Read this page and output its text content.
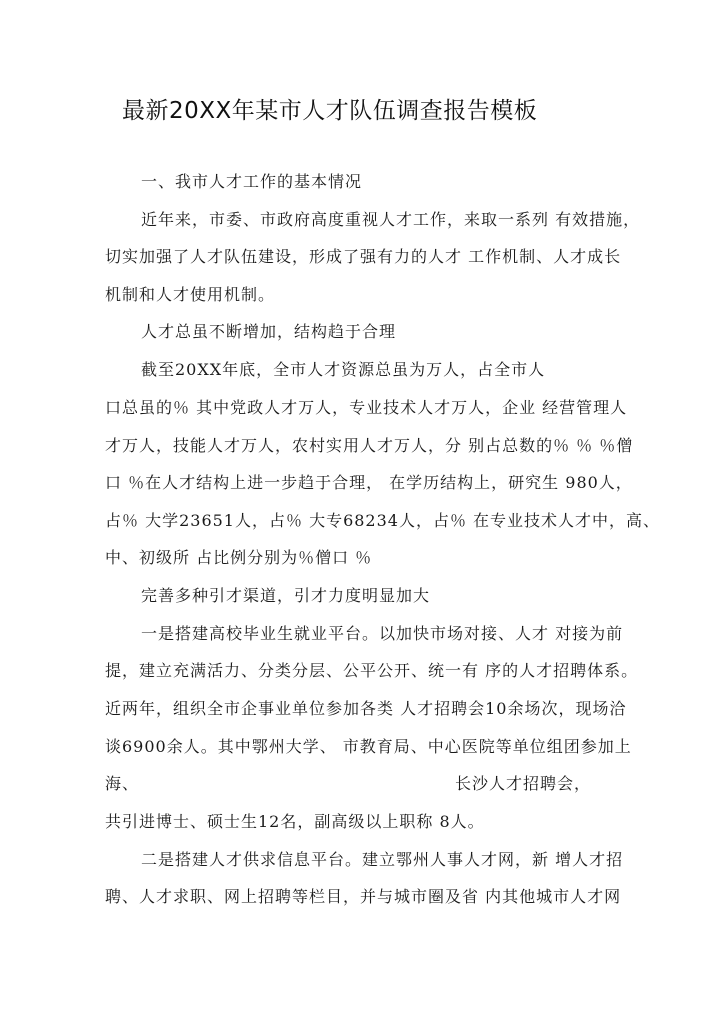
最新20XX年某市人才队伍调查报告模板
一、我市人才工作的基本情况
近年来，市委、市政府高度重视人才工作，来取一系列 有效措施，
切实加强了人才队伍建设，形成了强有力的人才 工作机制、人才成长
机制和人才使用机制。
人才总虽不断增加，结构趋于合理
截至20XX年底，全市人才资源总虽为万人，占全市人
口总虽的％ 其中党政人才万人，专业技术人才万人，企业 经营管理人
才万人，技能人才万人，农村实用人才万人，分 别占总数的％ ％ ％僧
口 ％在人才结构上进一步趋于合理， 在学历结构上，研究生 980人，
占％ 大学23651人，占％ 大专68234人，占％ 在专业技术人才中，高、
中、初级所 占比例分别为％僧口 ％
完善多种引才渠道，引才力度明显加大
一是搭建高校毕业生就业平台。以加快市场对接、人才 对接为前
提，建立充满活力、分类分层、公平公开、统一有 序的人才招聘体系。
近两年，组织全市企事业单位参加各类 人才招聘会10余场次，现场洽
谈6900余人。其中鄂州大学、 市教育局、中心医院等单位组团参加上
海、	长沙人才招聘会，
共引进博士、硕士生12名，副高级以上职称 8人。
二是搭建人才供求信息平台。建立鄂州人事人才网，新 增人才招
聘、人才求职、网上招聘等栏目，并与城市圈及省 内其他城市人才网
